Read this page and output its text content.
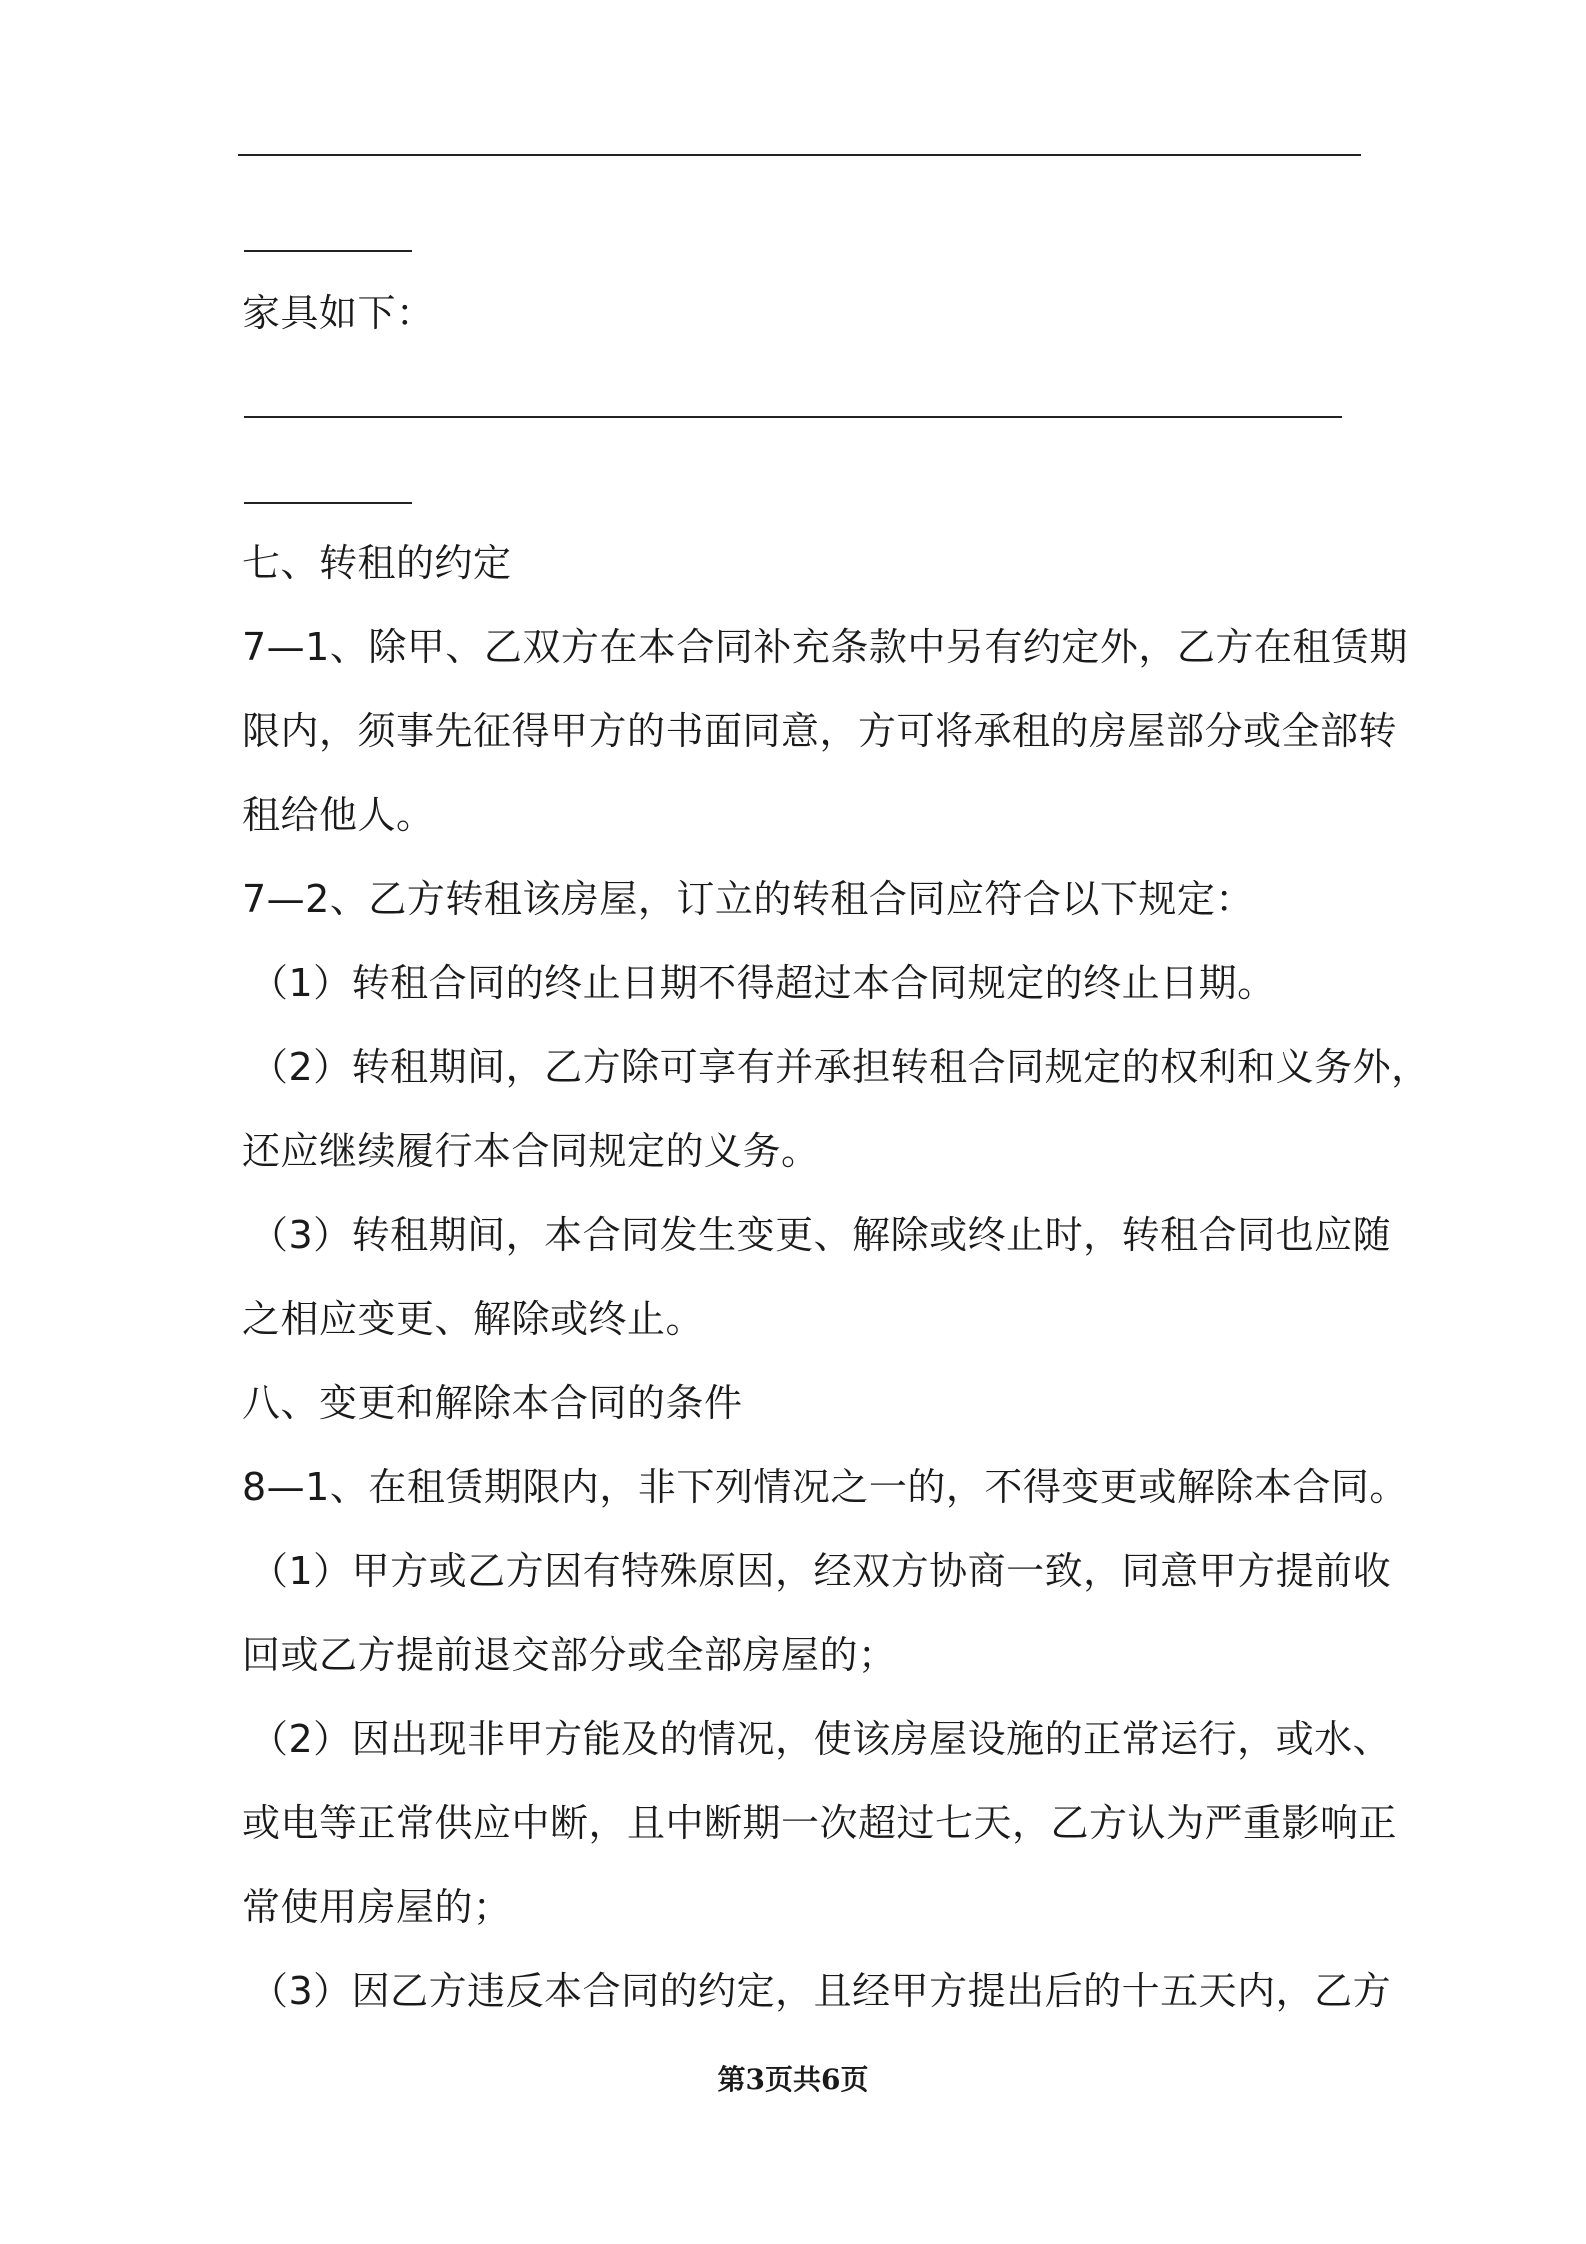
家具如下：
七、转租的约定
7—1、除甲、乙双方在本合同补充条款中另有约定外，乙方在租赁期
限内，须事先征得甲方的书面同意，方可将承租的房屋部分或全部转
租给他人。
7—2、乙方转租该房屋，订立的转租合同应符合以下规定：
（1）转租合同的终止日期不得超过本合同规定的终止日期。
（2）转租期间，乙方除可享有并承担转租合同规定的权利和义务外，
还应继续履行本合同规定的义务。
（3）转租期间，本合同发生变更、解除或终止时，转租合同也应随
之相应变更、解除或终止。
八、变更和解除本合同的条件
8—1、在租赁期限内，非下列情况之一的，不得变更或解除本合同。
（1）甲方或乙方因有特殊原因，经双方协商一致，同意甲方提前收
回或乙方提前退交部分或全部房屋的；
（2）因出现非甲方能及的情况，使该房屋设施的正常运行，或水、
或电等正常供应中断，且中断期一次超过七天，乙方认为严重影响正
常使用房屋的；
（3）因乙方违反本合同的约定，且经甲方提出后的十五天内，乙方
第3页共6页
